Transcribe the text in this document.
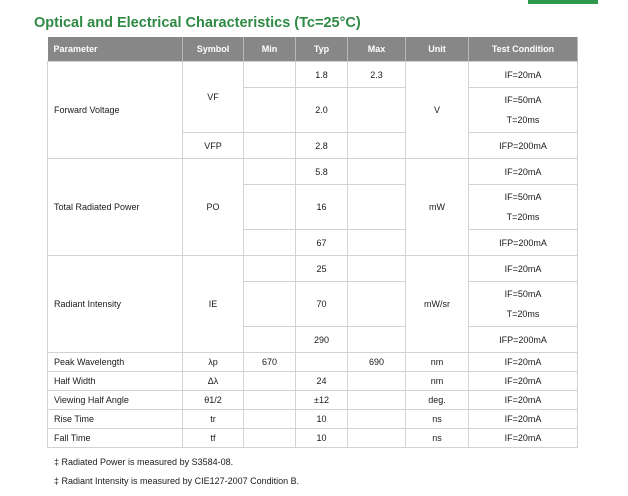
Optical and Electrical Characteristics (Tc=25°C)
Parameter	Symbol	Min	Typ	Max	Unit	Test Condition
Forward Voltage	VF		1.8	2.3	V	IF=20mA
			2.0			IF=50mA
T=20ms

	VFP		2.8			IFP=200mA
Total Radiated Power	PO		5.8		mW	IF=20mA
			16			IF=50mA
T=20ms

			67			IFP=200mA
Radiant Intensity	IE		25		mW/sr	IF=20mA
			70			IF=50mA
T=20ms

			290			IFP=200mA
Peak Wavelength	λp	670		690	nm	IF=20mA
Half Width	Δλ		24		nm	IF=20mA
Viewing Half Angle	θ1/2		±12		deg.	IF=20mA
Rise Time	tr		10		ns	IF=20mA
Fall Time	tf		10		ns	IF=20mA
‡ Radiated Power is measured by S3584-08.
‡ Radiant Intensity is measured by CIE127-2007 Condition B.
